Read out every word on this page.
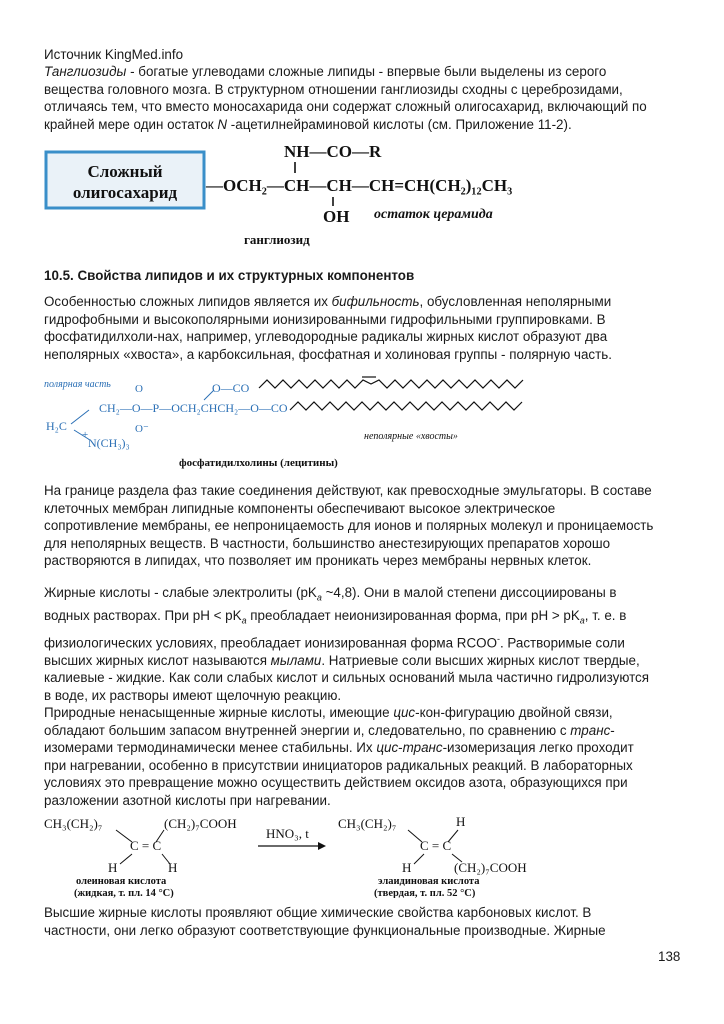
Источник KingMed.info

Танглиозиды - богатые углеводами сложные липиды - впервые были выделены из серого

вещества головного мозга. В структурном отношении ганглиозиды сходны с цереброзидами,

отличаясь тем, что вместо моносахарида они содержат сложный олигосахарид, включающий по

крайней мере один остаток N -ацетилнейраминовой кислоты (см. Приложение 11-2).

Сложный
олигосахарид
NH—CO—R
—OCH₂—CH—CH—CH=CH(CH₂)₁₂CH₃
OH остаток церамида
ганглиозид
10.5. Свойства липидов и их структурных компонентов

Особенностью сложных липидов является их бифильность, обусловленная неполярными

гидрофобными и высокополярными ионизированными гидрофильными группировками. В

фосфатидилхоли-нах, например, углеводородные радикалы жирных кислот образуют два

неполярных «хвоста», а карбоксильная, фосфатная и холиновая группы - полярную часть.

полярная часть	O—CO
O
CH₂—O—P—OCH₂CHCH₂—O—CO
O⁻
H₂C
+
N(CH₃)₃	неполярные «хвосты»
фосфатидилхолины (лецитины)

На границе раздела фаз такие соединения действуют, как превосходные эмульгаторы. В составе

клеточных мембран липидные компоненты обеспечивают высокое электрическое

сопротивление мембраны, ее непроницаемость для ионов и полярных молекул и проницаемость

для неполярных веществ. В частности, большинство анестезирующих препаратов хорошо

растворяются в липидах, что позволяет им проникать через мембраны нервных клеток.

Жирные кислоты - слабые электролиты ($рK_a$ ~4,8). Они в малой степени диссоциированы в

водных растворах. При рН < $рK_a$ преобладает неионизированная форма, при рН > $рK_a$, т. е. в

физиологических условиях, преобладает ионизированная форма RCOO-. Растворимые соли

высших жирных кислот называются мылами. Натриевые соли высших жирных кислот твердые,

калиевые - жидкие. Как соли слабых кислот и сильных оснований мыла частично гидролизуются

в воде, их растворы имеют щелочную реакцию.

Природные ненасыщенные жирные кислоты, имеющие цис-кон-фигурацию двойной связи,

обладают большим запасом внутренней энергии и, следовательно, по сравнению с транс-

изомерами термодинамически менее стабильны. Их цис-транс-изомеризация легко проходит

при нагревании, особенно в присутствии инициаторов радикальных реакций. В лабораторных

условиях это превращение можно осуществить действием оксидов азота, образующихся при

разложении азотной кислоты при нагревании.

CH₃(CH₂)₇	(CH₂)₇COOH
C = C
H	H
HNO₃, t
CH₃(CH₂)₇	H
C = C
H	(CH₂)₇COOH
олеиновая кислота
(жидкая, т. пл. 14 °С)
элаидиновая кислота
(твердая, т. пл. 52 °С)

Высшие жирные кислоты проявляют общие химические свойства карбоновых кислот. В

частности, они легко образуют соответствующие функциональные производные. Жирные

138
